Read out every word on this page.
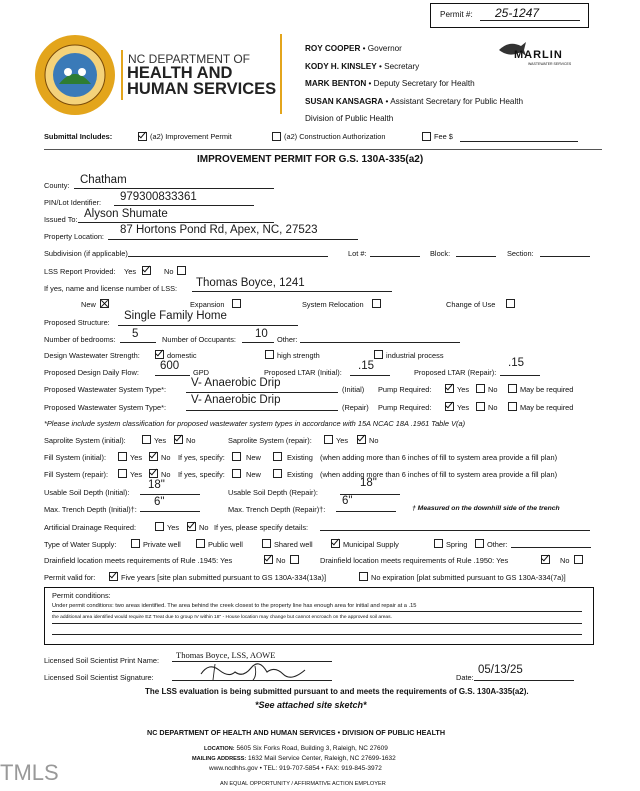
Permit #: 25-1247
NC DEPARTMENT OF
HEALTH AND
HUMAN SERVICES
ROY COOPER • Governor
KODY H. KINSLEY • Secretary
MARK BENTON • Deputy Secretary for Health
SUSAN KANSAGRA • Assistant Secretary for Public Health
Division of Public Health
MARLIN
WASTEWATER SERVICES
Submittal Includes:	(a2) Improvement Permit	(a2) Construction Authorization	Fee $
IMPROVEMENT PERMIT FOR G.S. 130A-335(a2)
County: Chatham
PIN/Lot Identifier: 979300833361
Issued To: Alyson Shumate
Property Location:
87 Hortons Pond Rd, Apex, NC, 27523
Subdivision (if applicable)	Lot #:	Block:	Section:
LSS Report Provided: Yes	No
If yes, name and license number of LSS: Thomas Boyce, 1241
New	Expansion	System Relocation	Change of Use
Proposed Structure:
Single Family Home
Number of bedrooms: 5	Number of Occupants: 10 Other:
Design Wastewater Strength:	domestic	high strength	industrial process
Proposed Design Daily Flow:
600
GPD	Proposed LTAR (Initial):
.15
Proposed LTAR (Repair):
.15
Proposed Wastewater System Type*:
V- Anaerobic Drip
(Initial) Pump Required:	Yes	No	May be required
Proposed Wastewater System Type*:
V- Anaerobic Drip
(Repair) Pump Required:	Yes	No	May be required
*Please include system classification for proposed wastewater system types in accordance with 15A NCAC 18A .1961 Table V(a)
Saprolite System (initial):	Yes	No	Saprolite System (repair):	Yes	No
Fill System (initial):	Yes	No If yes, specify:	New	Existing (when adding more than 6 inches of fill to system area provide a fill plan)
Fill System (repair):	Yes	No If yes, specify:	New	Existing (when adding more than 6 inches of fill to system area provide a fill plan)
Usable Soil Depth (Initial):
18"
Usable Soil Depth (Repair):
18"
Max. Trench Depth (Initial)†:
6"
Max. Trench Depth (Repair)†:
6"
† Measured on the downhill side of the trench
Artificial Drainage Required:	Yes	No If yes, please specify details:
Type of Water Supply:	Private well	Public well	Shared well	Municipal Supply	Spring	Other:
Drainfield location meets requirements of Rule .1945: Yes	No	Drainfield location meets requirements of Rule .1950: Yes	No
Permit valid for:	Five years [site plan submitted pursuant to GS 130A-334(13a)]	No expiration [plat submitted pursuant to GS 130A-334(7a)]
Permit conditions:
Under permit conditions: two areas identified. The area behind the creek closest to the property line has enough area for initial and repair at a .15
the additional area identified would require EZ Treat due to group IV within 18" - House location may change but cannot encroach on the approved soil areas.
Licensed Soil Scientist Print Name:
Thomas Boyce, LSS, AOWE
Licensed Soil Scientist Signature:	Date:
05/13/25
The LSS evaluation is being submitted pursuant to and meets the requirements of G.S. 130A-335(a2).
*See attached site sketch*
NC DEPARTMENT OF HEALTH AND HUMAN SERVICES • DIVISION OF PUBLIC HEALTH
LOCATION: 5605 Six Forks Road, Building 3, Raleigh, NC 27609
MAILING ADDRESS: 1632 Mail Service Center, Raleigh, NC 27699-1632
www.ncdhhs.gov • TEL: 919-707-5854 • FAX: 919-845-3972
AN EQUAL OPPORTUNITY / AFFIRMATIVE ACTION EMPLOYER
TMLS
